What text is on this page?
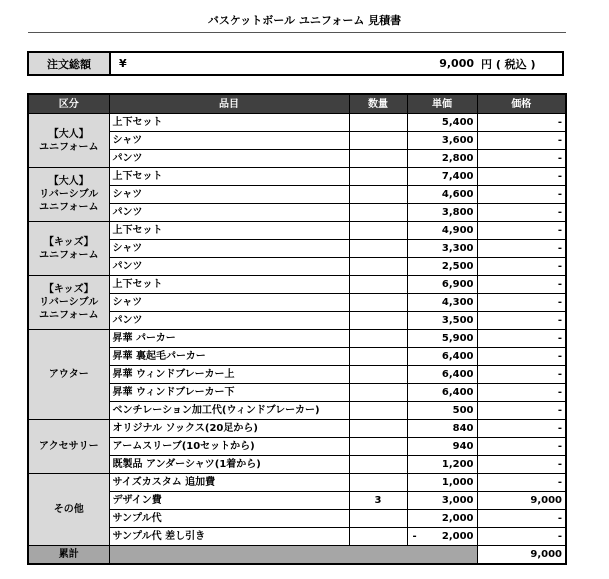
バスケットボール ユニフォーム 見積書
注文総額	¥	9,000 円 ( 税込 )
区分	品目	数量	単価	価格
【大人】
ユニフォーム	上下セット		5,400	-
	シャツ		3,600	-
	パンツ		2,800	-
【大人】
リバーシブル
ユニフォーム	上下セット		7,400	-
	シャツ		4,600	-
	パンツ		3,800	-
【キッズ】
ユニフォーム	上下セット		4,900	-
	シャツ		3,300	-
	パンツ		2,500	-
【キッズ】
リバーシブル
ユニフォーム	上下セット		6,900	-
	シャツ		4,300	-
	パンツ		3,500	-
アウター	昇華 パーカー		5,900	-
	昇華 裏起毛パーカー		6,400	-
	昇華 ウィンドブレーカー上		6,400	-
	昇華 ウィンドブレーカー下		6,400	-
	ベンチレーション加工代(ウィンドブレーカー)		500	-
アクセサリー	オリジナル ソックス(20足から)		840	-
	アームスリーブ(10セットから)		940	-
	既製品 アンダーシャツ(1着から)		1,200	-
その他	サイズカスタム 追加費		1,000	-
	デザイン費	3	3,000	9,000
	サンプル代		2,000	-
	サンプル代 差し引き		- 2,000	-
累計				9,000
